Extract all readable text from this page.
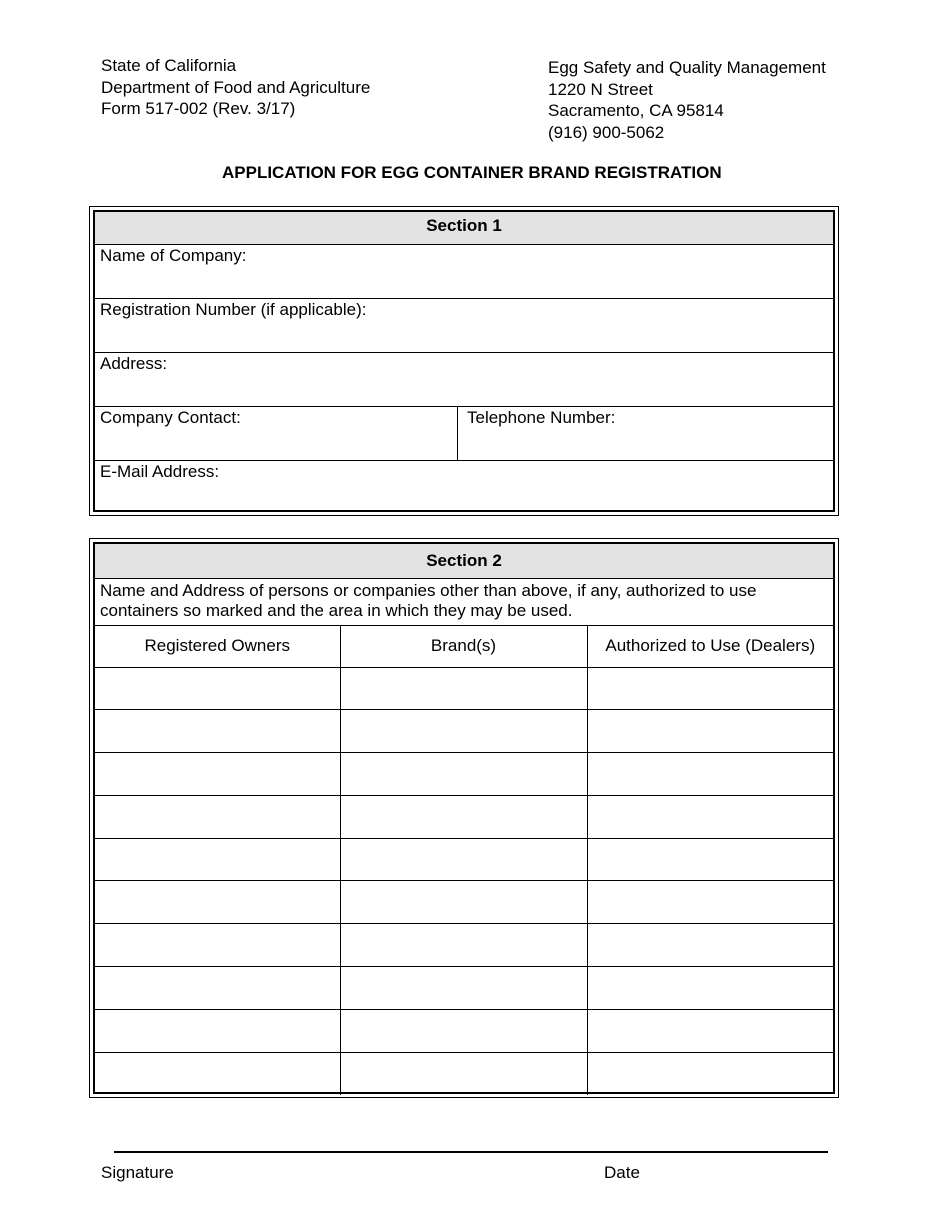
State of California
Department of Food and Agriculture
Form 517-002 (Rev. 3/17)
Egg Safety and Quality Management
1220 N Street
Sacramento, CA 95814
(916) 900-5062
APPLICATION FOR EGG CONTAINER BRAND REGISTRATION
Section 1
Name of Company:
Registration Number (if applicable):
Address:
Company Contact:	Telephone Number:
E-Mail Address:
Section 2
Name and Address of persons or companies other than above, if any, authorized to use containers so marked and the area in which they may be used.
Registered Owners	Brand(s)	Authorized to Use (Dealers)

Signature	Date
